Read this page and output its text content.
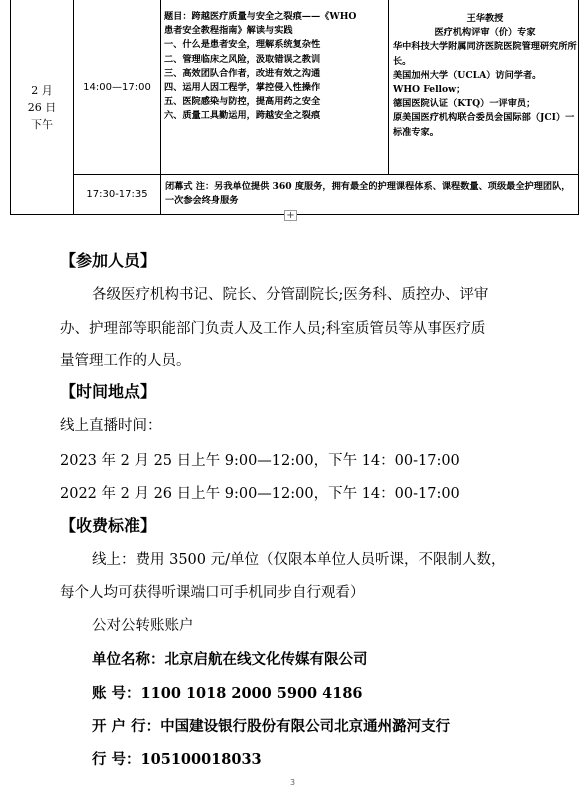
2 月
26 日
下午
14:00—17:00
题目：跨越医疗质量与安全之裂痕——《WHO
患者安全教程指南》解读与实践
一、什么是患者安全，理解系统复杂性
二、管理临床之风险，汲取错误之教训
三、高效团队合作者，改进有效之沟通
四、运用人因工程学，掌控侵入性操作
五、医院感染与防控，提高用药之安全
六、质量工具勤运用，跨越安全之裂痕
王华教授
医疗机构评审（价）专家
华中科技大学附属同济医院医院管理研究所所长。
美国加州大学（UCLA）访问学者。
WHO Fellow；
德国医院认证（KTQ）一评审员；
原美国医疗机构联合委员会国际部（JCI）一标准专家。
17:30-17:35
闭幕式 注：另我单位提供 360 度服务，拥有最全的护理课程体系、课程数量、项级最全护理团队，一次参会终身服务
+
【参加人员】
各级医疗机构书记、院长、分管副院长;医务科、质控办、评审
办、护理部等职能部门负责人及工作人员;科室质管员等从事医疗质
量管理工作的人员。
【时间地点】
线上直播时间：
2023 年 2 月 25 日上午 9:00—12:00，下午 14：00-17:00
2022 年 2 月 26 日上午 9:00—12:00，下午 14：00-17:00
【收费标准】
线上：费用 3500 元/单位（仅限本单位人员听课，不限制人数，
每个人均可获得听课端口可手机同步自行观看）
公对公转账账户
单位名称：北京启航在线文化传媒有限公司
账 号：1100 1018 2000 5900 4186
开 户 行：中国建设银行股份有限公司北京通州潞河支行
行 号：105100018033
3
